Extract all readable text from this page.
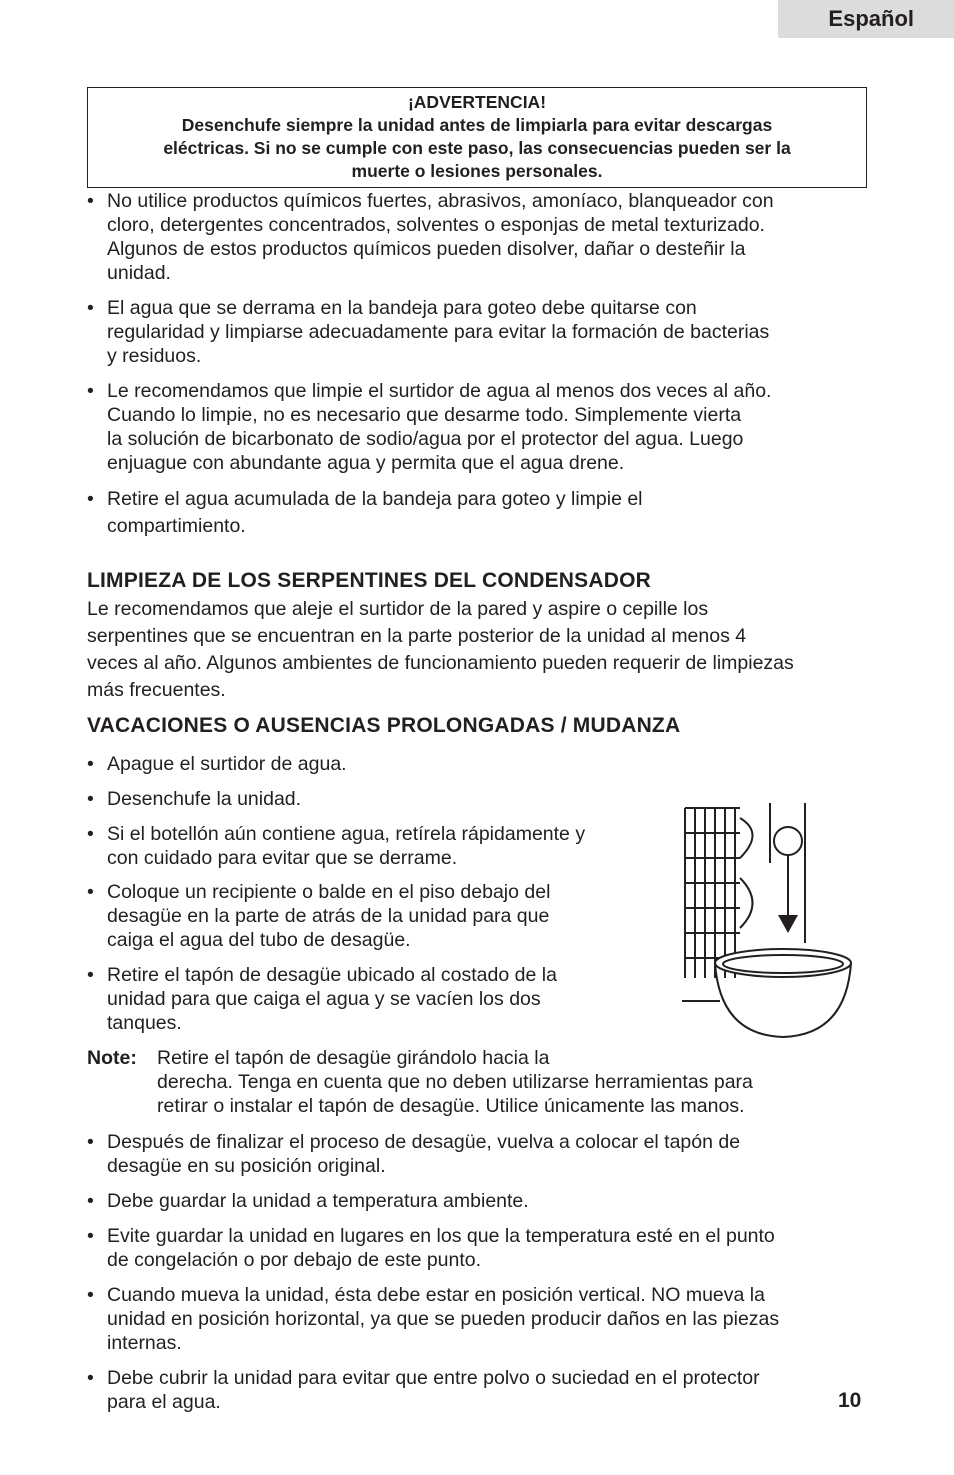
Español
¡ADVERTENCIA!
Desenchufe siempre la unidad antes de limpiarla para evitar descargas
eléctricas. Si no se cumple con este paso, las consecuencias pueden ser la
muerte o lesiones personales.
• No utilice productos químicos fuertes, abrasivos, amoníaco, blanqueador con
cloro, detergentes concentrados, solventes o esponjas de metal texturizado.
Algunos de estos productos químicos pueden disolver, dañar o desteñir la
unidad.
• El agua que se derrama en la bandeja para goteo debe quitarse con
regularidad y limpiarse adecuadamente para evitar la formación de bacterias
y residuos.
• Le recomendamos que limpie el surtidor de agua al menos dos veces al año.
Cuando lo limpie, no es necesario que desarme todo. Simplemente vierta
la solución de bicarbonato de sodio/agua por el protector del agua. Luego
enjuague con abundante agua y permita que el agua drene.
• Retire el agua acumulada de la bandeja para goteo y limpie el
compartimiento.
LIMPIEZA DE LOS SERPENTINES DEL CONDENSADOR
Le recomendamos que aleje el surtidor de la pared y aspire o cepille los
serpentines que se encuentran en la parte posterior de la unidad al menos 4
veces al año. Algunos ambientes de funcionamiento pueden requerir de limpiezas
más frecuentes.
VACACIONES O AUSENCIAS PROLONGADAS / MUDANZA
• Apague el surtidor de agua.
• Desenchufe la unidad.
• Si el botellón aún contiene agua, retírela rápidamente y
con cuidado para evitar que se derrame.
• Coloque un recipiente o balde en el piso debajo del
desagüe en la parte de atrás de la unidad para que
caiga el agua del tubo de desagüe.
• Retire el tapón de desagüe ubicado al costado de la
unidad para que caiga el agua y se vacíen los dos
tanques.
Note: Retire el tapón de desagüe girándolo hacia la
derecha. Tenga en cuenta que no deben utilizarse herramientas para
retirar o instalar el tapón de desagüe. Utilice únicamente las manos.
• Después de finalizar el proceso de desagüe, vuelva a colocar el tapón de
desagüe en su posición original.
• Debe guardar la unidad a temperatura ambiente.
• Evite guardar la unidad en lugares en los que la temperatura esté en el punto
de congelación o por debajo de este punto.
• Cuando mueva la unidad, ésta debe estar en posición vertical. NO mueva la
unidad en posición horizontal, ya que se pueden producir daños en las piezas
internas.
• Debe cubrir la unidad para evitar que entre polvo o suciedad en el protector
para el agua.	10
